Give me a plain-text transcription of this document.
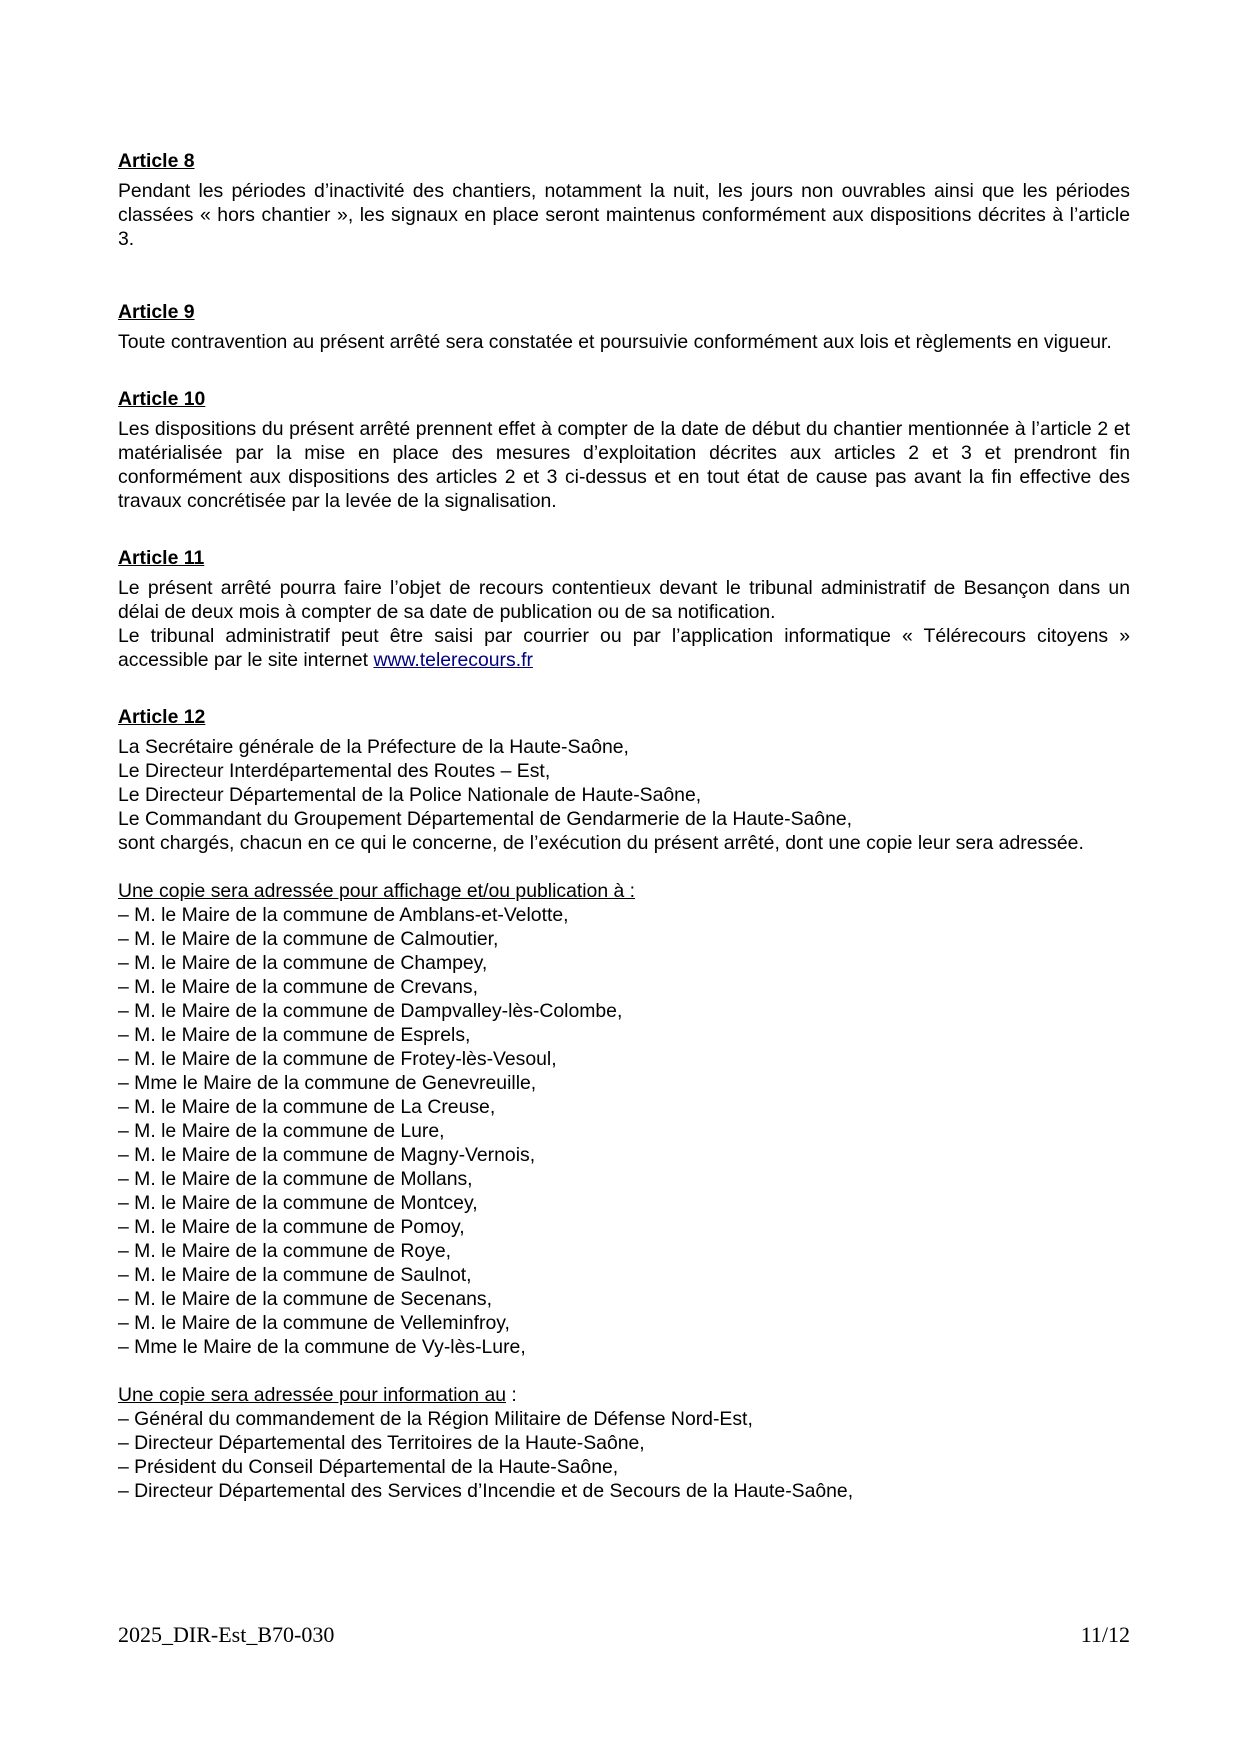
Article 8

Pendant les périodes d’inactivité des chantiers, notamment la nuit, les jours non ouvrables ainsi que les périodes classées « hors chantier », les signaux en place seront maintenus conformément aux dispositions décrites à l’article 3.

Article 9

Toute contravention au présent arrêté sera constatée et poursuivie conformément aux lois et règlements en vigueur.

Article 10

Les dispositions du présent arrêté prennent effet à compter de la date de début du chantier mentionnée à l’article 2 et matérialisée par la mise en place des mesures d’exploitation décrites aux articles 2 et 3 et prendront fin conformément aux dispositions des articles 2 et 3 ci-dessus et en tout état de cause pas avant la fin effective des travaux concrétisée par la levée de la signalisation.

Article 11

Le présent arrêté pourra faire l’objet de recours contentieux devant le tribunal administratif de Besançon dans un délai de deux mois à compter de sa date de publication ou de sa notification.

Le tribunal administratif peut être saisi par courrier ou par l’application informatique « Télérecours citoyens » accessible par le site internet www.telerecours.fr

Article 12

La Secrétaire générale de la Préfecture de la Haute-Saône,

Le Directeur Interdépartemental des Routes – Est,

Le Directeur Départemental de la Police Nationale de Haute-Saône,

Le Commandant du Groupement Départemental de Gendarmerie de la Haute-Saône,

sont chargés, chacun en ce qui le concerne, de l’exécution du présent arrêté, dont une copie leur sera adressée.

Une copie sera adressée pour affichage et/ou publication à :

– M. le Maire de la commune de Amblans-et-Velotte,

– M. le Maire de la commune de Calmoutier,

– M. le Maire de la commune de Champey,

– M. le Maire de la commune de Crevans,

– M. le Maire de la commune de Dampvalley-lès-Colombe,

– M. le Maire de la commune de Esprels,

– M. le Maire de la commune de Frotey-lès-Vesoul,

– Mme le Maire de la commune de Genevreuille,

– M. le Maire de la commune de La Creuse,

– M. le Maire de la commune de Lure,

– M. le Maire de la commune de Magny-Vernois,

– M. le Maire de la commune de Mollans,

– M. le Maire de la commune de Montcey,

– M. le Maire de la commune de Pomoy,

– M. le Maire de la commune de Roye,

– M. le Maire de la commune de Saulnot,

– M. le Maire de la commune de Secenans,

– M. le Maire de la commune de Velleminfroy,

– Mme le Maire de la commune de Vy-lès-Lure,

Une copie sera adressée pour information au :

– Général du commandement de la Région Militaire de Défense Nord-Est,

– Directeur Départemental des Territoires de la Haute-Saône,

– Président du Conseil Départemental de la Haute-Saône,

– Directeur Départemental des Services d’Incendie et de Secours de la Haute-Saône,

2025_DIR-Est_B70-030	11/12
